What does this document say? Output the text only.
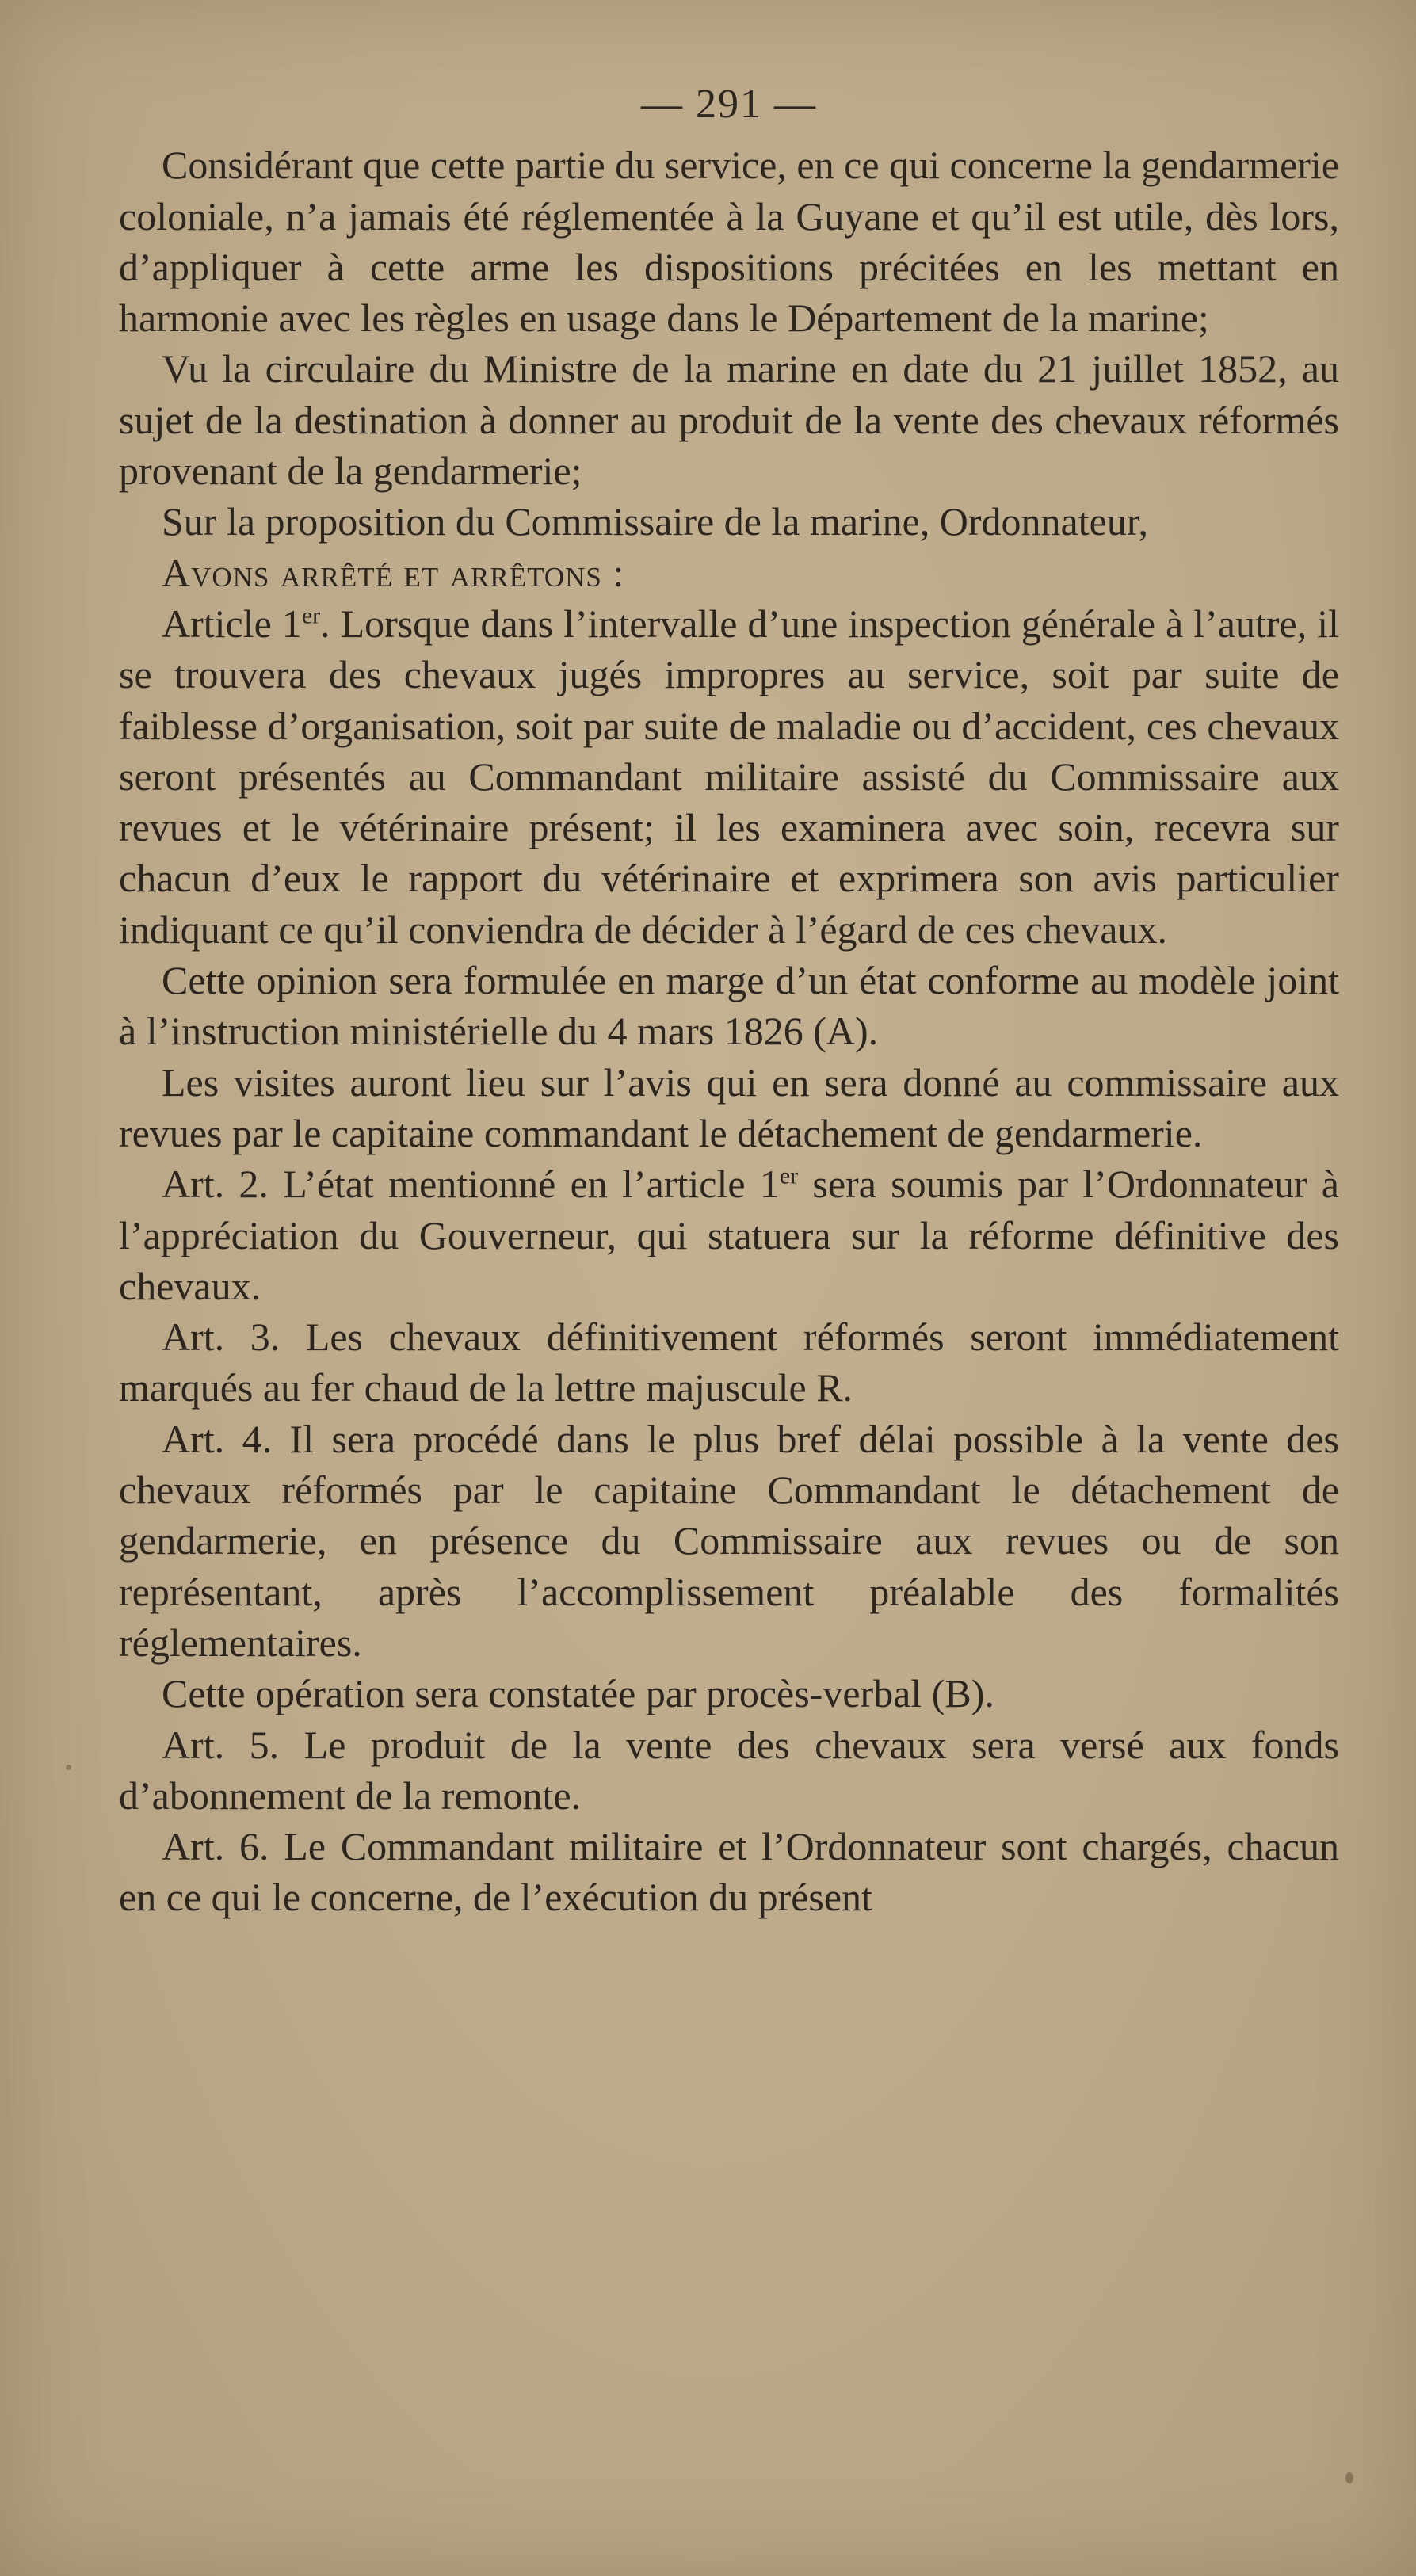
— 291 —

Considérant que cette partie du service, en ce qui concerne la gendarmerie coloniale, n’a jamais été réglementée à la Guyane et qu’il est utile, dès lors, d’appliquer à cette arme les dispositions précitées en les mettant en harmonie avec les règles en usage dans le Département de la marine;

Vu la circulaire du Ministre de la marine en date du 21 juillet 1852, au sujet de la destination à donner au produit de la vente des chevaux réformés provenant de la gendarmerie;

Sur la proposition du Commissaire de la marine, Ordonnateur,

Avons arrêté et arrêtons :

Article 1er. Lorsque dans l’intervalle d’une inspection générale à l’autre, il se trouvera des chevaux jugés impropres au service, soit par suite de faiblesse d’organisation, soit par suite de maladie ou d’accident, ces chevaux seront présentés au Commandant militaire assisté du Commissaire aux revues et le vétérinaire présent; il les examinera avec soin, recevra sur chacun d’eux le rapport du vétérinaire et exprimera son avis particulier indiquant ce qu’il conviendra de décider à l’égard de ces chevaux.

Cette opinion sera formulée en marge d’un état conforme au modèle joint à l’instruction ministérielle du 4 mars 1826 (A).

Les visites auront lieu sur l’avis qui en sera donné au commissaire aux revues par le capitaine commandant le détachement de gendarmerie.

Art. 2. L’état mentionné en l’article 1er sera soumis par l’Ordonnateur à l’appréciation du Gouverneur, qui statuera sur la réforme définitive des chevaux.

Art. 3. Les chevaux définitivement réformés seront immédiatement marqués au fer chaud de la lettre majuscule R.

Art. 4. Il sera procédé dans le plus bref délai possible à la vente des chevaux réformés par le capitaine Commandant le détachement de gendarmerie, en présence du Commissaire aux revues ou de son représentant, après l’accomplissement préalable des formalités réglementaires.

Cette opération sera constatée par procès-verbal (B).

Art. 5. Le produit de la vente des chevaux sera versé aux fonds d’abonnement de la remonte.

Art. 6. Le Commandant militaire et l’Ordonnateur sont chargés, chacun en ce qui le concerne, de l’exécution du présent
